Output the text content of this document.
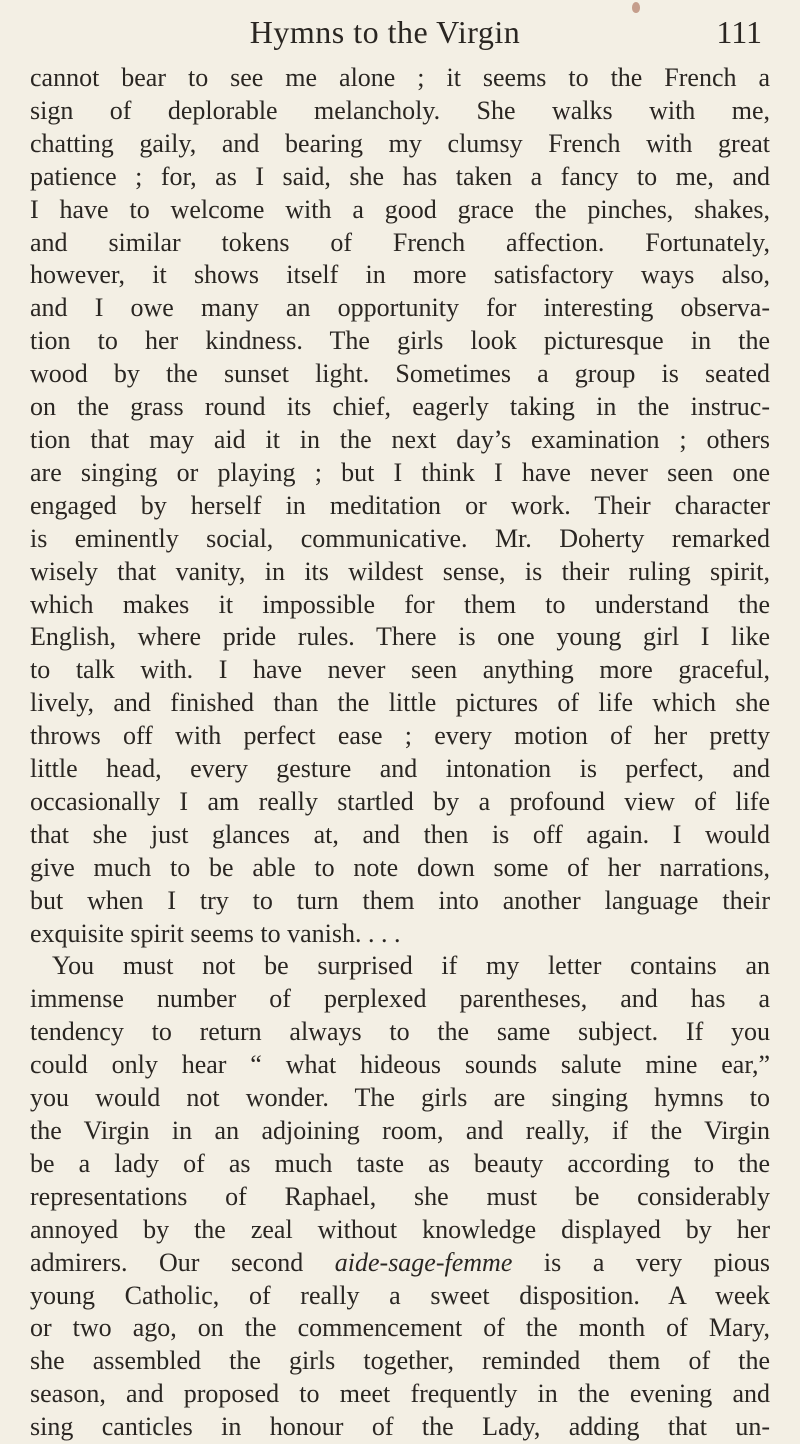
Hymns to the Virgin	111
cannot bear to see me alone ; it seems to the French a
sign of deplorable melancholy. She walks with me,
chatting gaily, and bearing my clumsy French with great
patience ; for, as I said, she has taken a fancy to me, and
I have to welcome with a good grace the pinches, shakes,
and similar tokens of French affection. Fortunately,
however, it shows itself in more satisfactory ways also,
and I owe many an opportunity for interesting observa-
tion to her kindness. The girls look picturesque in the
wood by the sunset light. Sometimes a group is seated
on the grass round its chief, eagerly taking in the instruc-
tion that may aid it in the next day’s examination ; others
are singing or playing ; but I think I have never seen one
engaged by herself in meditation or work. Their character
is eminently social, communicative. Mr. Doherty remarked
wisely that vanity, in its wildest sense, is their ruling spirit,
which makes it impossible for them to understand the
English, where pride rules. There is one young girl I like
to talk with. I have never seen anything more graceful,
lively, and finished than the little pictures of life which she
throws off with perfect ease ; every motion of her pretty
little head, every gesture and intonation is perfect, and
occasionally I am really startled by a profound view of life
that she just glances at, and then is off again. I would
give much to be able to note down some of her narrations,
but when I try to turn them into another language their
exquisite spirit seems to vanish. . . .
You must not be surprised if my letter contains an
immense number of perplexed parentheses, and has a
tendency to return always to the same subject. If you
could only hear “ what hideous sounds salute mine ear,”
you would not wonder. The girls are singing hymns to
the Virgin in an adjoining room, and really, if the Virgin
be a lady of as much taste as beauty according to the
representations of Raphael, she must be considerably
annoyed by the zeal without knowledge displayed by her
admirers. Our second aide-sage-femme is a very pious
young Catholic, of really a sweet disposition. A week
or two ago, on the commencement of the month of Mary,
she assembled the girls together, reminded them of the
season, and proposed to meet frequently in the evening and
sing canticles in honour of the Lady, adding that un-
